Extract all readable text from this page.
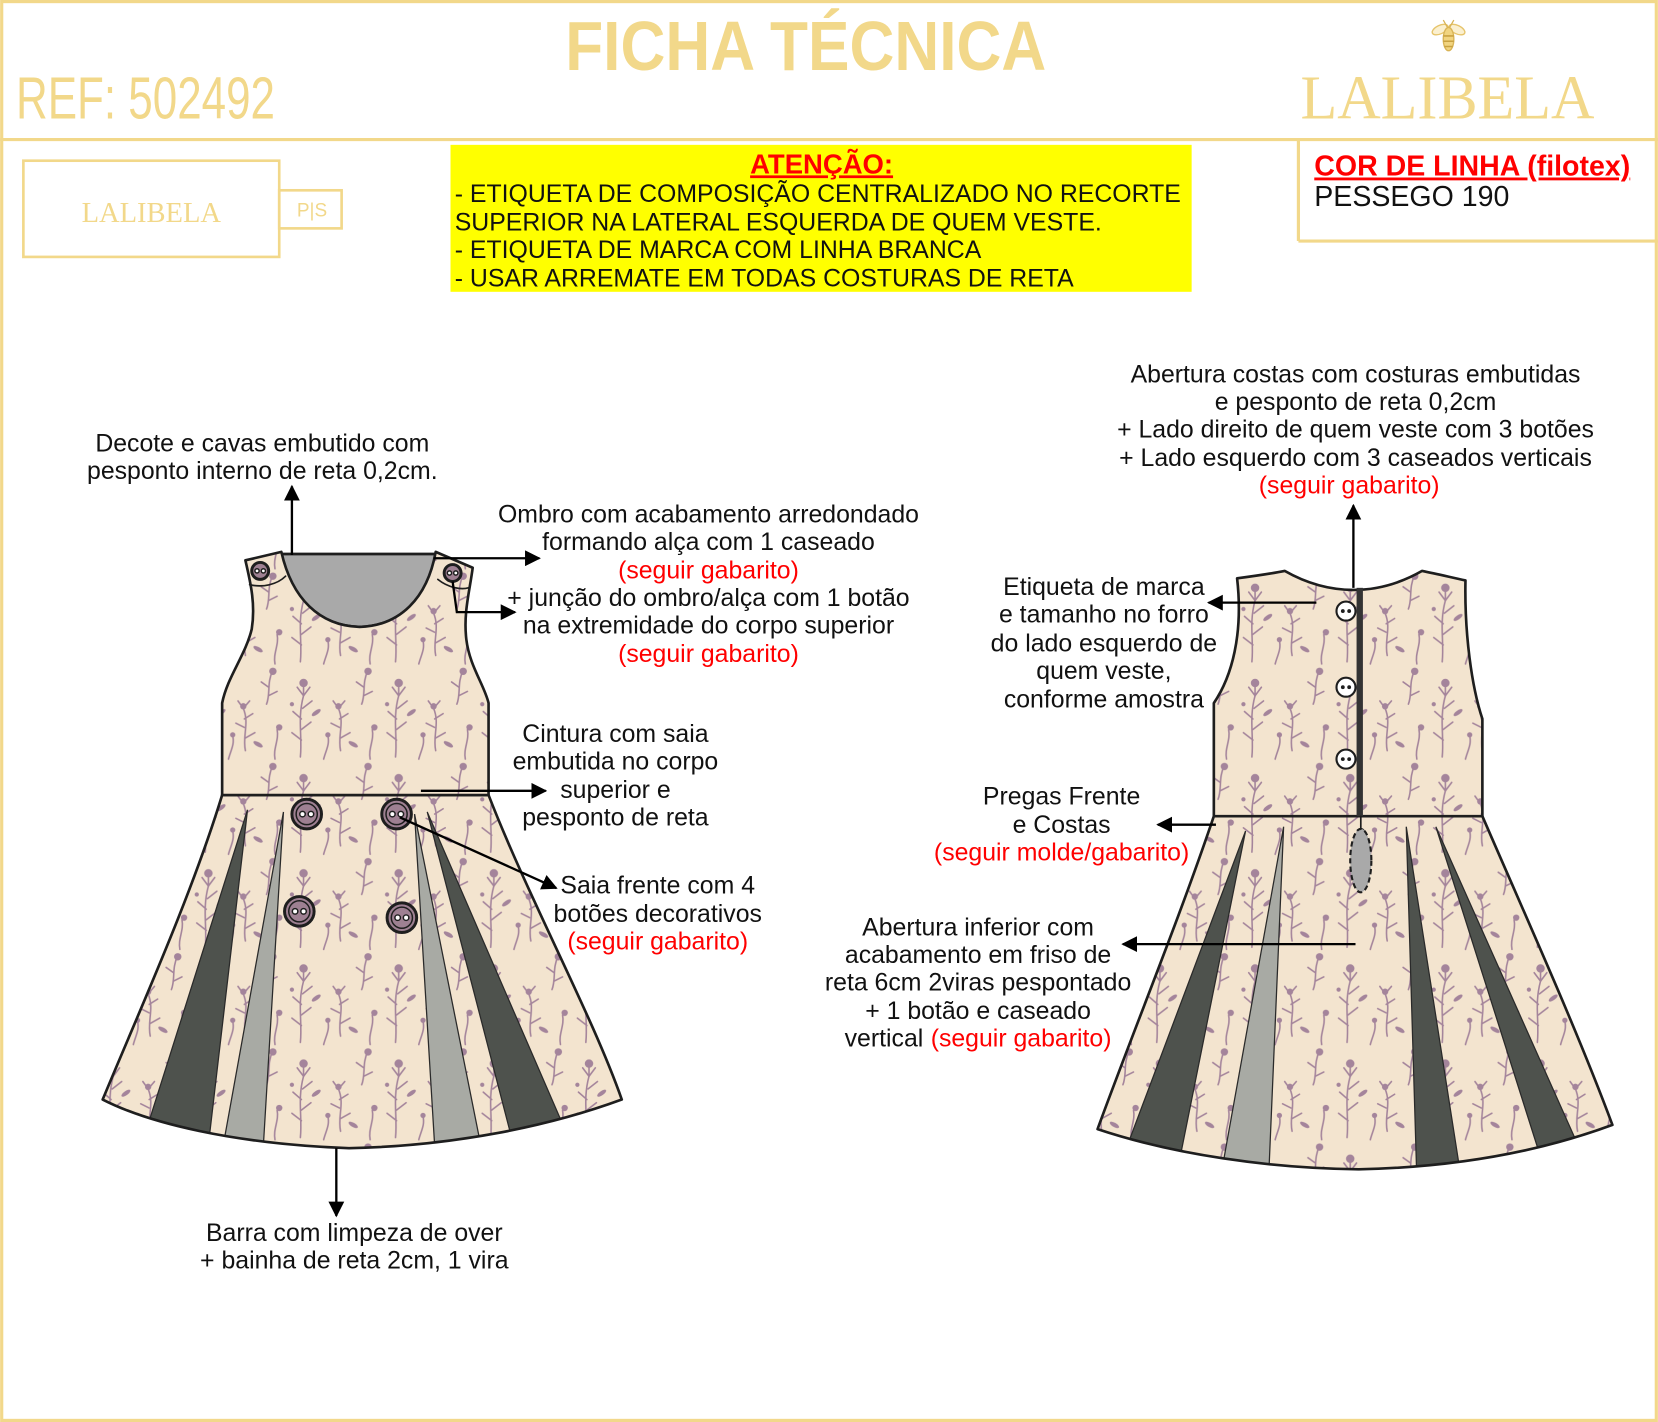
FICHA TÉCNICA
REF: 502492	LALIBELA
LALIBELA	P|S
ATENÇÃO:
- ETIQUETA DE COMPOSIÇÃO CENTRALIZADO NO RECORTE
SUPERIOR NA LATERAL ESQUERDA DE QUEM VESTE.
- ETIQUETA DE MARCA COM LINHA BRANCA
- USAR ARREMATE EM TODAS COSTURAS DE RETA
COR DE LINHA (filotex)
PESSEGO 190
Decote e cavas embutido com
pesponto interno de reta 0,2cm.
Ombro com acabamento arredondado
formando alça com 1 caseado
(seguir gabarito)
+ junção do ombro/alça com 1 botão
na extremidade do corpo superior
(seguir gabarito)
Cintura com saia
embutida no corpo
superior e
pesponto de reta
Saia frente com 4
botões decorativos
(seguir gabarito)
Barra com limpeza de over
+ bainha de reta 2cm, 1 vira
Abertura costas com costuras embutidas
e pesponto de reta 0,2cm
+ Lado direito de quem veste com 3 botões
+ Lado esquerdo com 3 caseados verticais
(seguir gabarito)
Etiqueta de marca
e tamanho no forro
do lado esquerdo de
quem veste,
conforme amostra
Pregas Frente
e Costas
(seguir molde/gabarito)
Abertura inferior com
acabamento em friso de
reta 6cm 2viras pespontado
+ 1 botão e caseado
vertical (seguir gabarito)
